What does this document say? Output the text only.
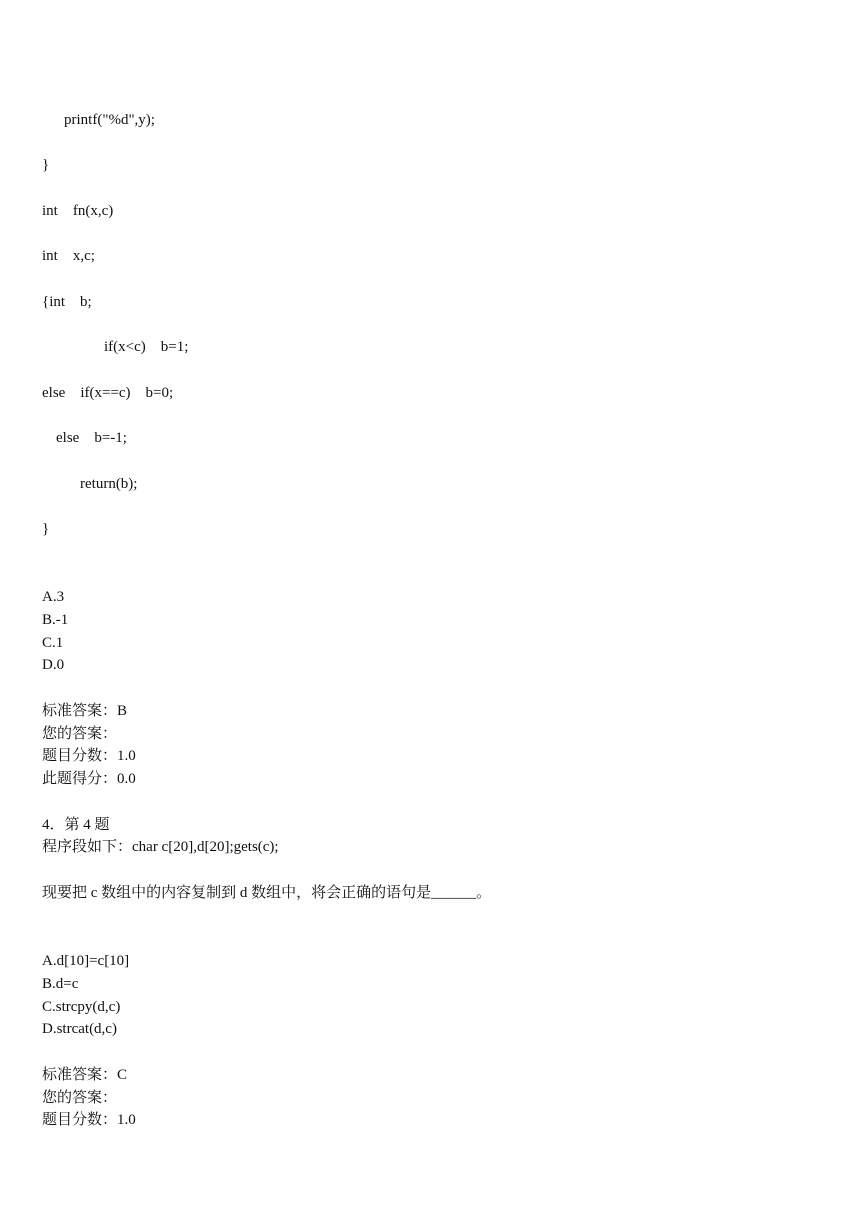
printf("%d",y);

}

int    fn(x,c)

int    x,c;

{int    b;

if(x<c)    b=1;

else    if(x==c)    b=0;

else    b=-1;

return(b);

}

A.3

B.-1

C.1

D.0

标准答案：B

您的答案：

题目分数：1.0

此题得分：0.0

4．第 4 题

程序段如下：char c[20],d[20];gets(c);

现要把 c 数组中的内容复制到 d 数组中，将会正确的语句是______。

A.d[10]=c[10]

B.d=c

C.strcpy(d,c)

D.strcat(d,c)

标准答案：C

您的答案：

题目分数：1.0
